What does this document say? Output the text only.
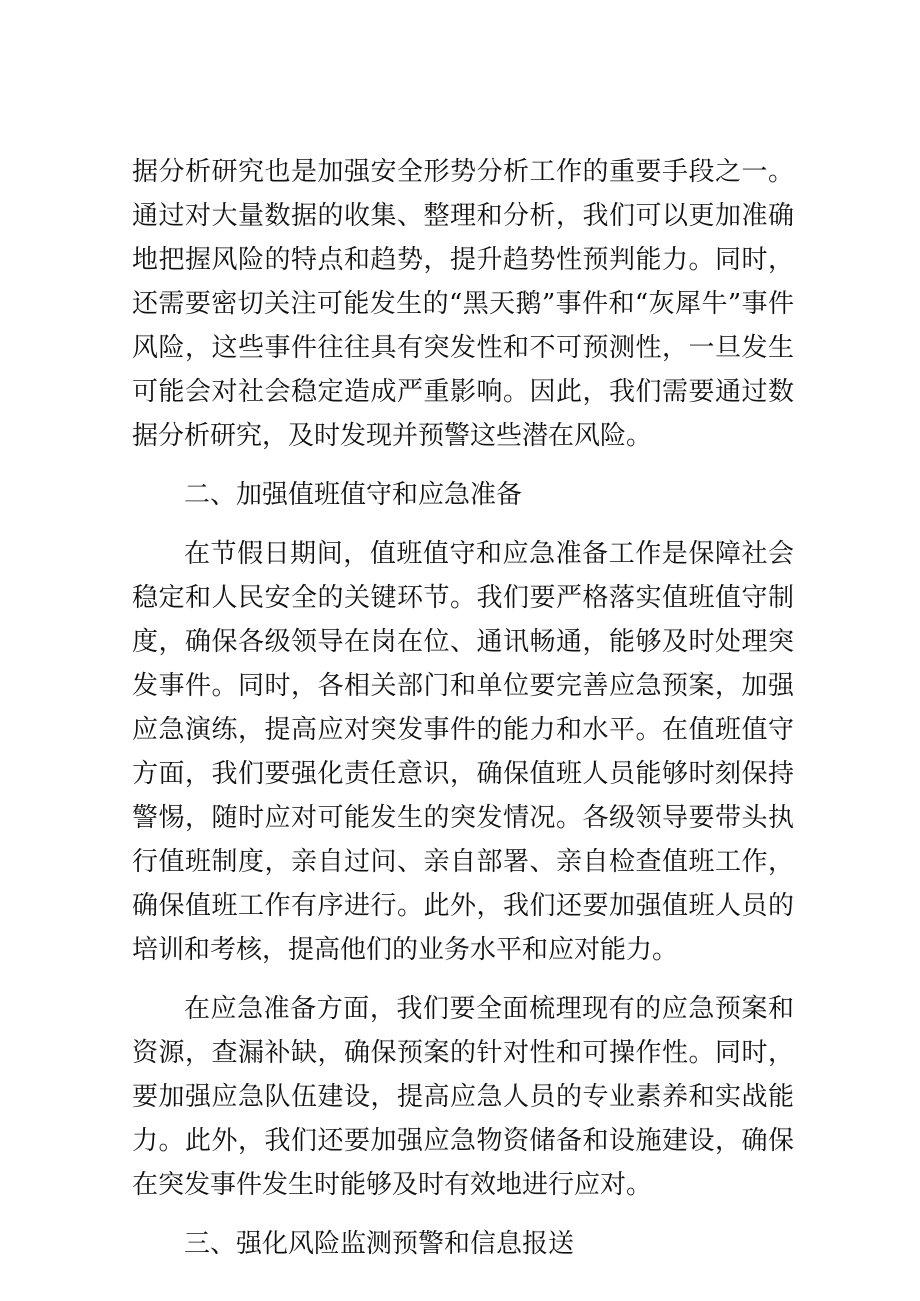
据分析研究也是加强安全形势分析工作的重要手段之一。通过对大量数据的收集、整理和分析，我们可以更加准确地把握风险的特点和趋势，提升趋势性预判能力。同时，还需要密切关注可能发生的“黑天鹅”事件和“灰犀牛”事件风险，这些事件往往具有突发性和不可预测性，一旦发生可能会对社会稳定造成严重影响。因此，我们需要通过数据分析研究，及时发现并预警这些潜在风险。

二、加强值班值守和应急准备

在节假日期间，值班值守和应急准备工作是保障社会稳定和人民安全的关键环节。我们要严格落实值班值守制度，确保各级领导在岗在位、通讯畅通，能够及时处理突发事件。同时，各相关部门和单位要完善应急预案，加强应急演练，提高应对突发事件的能力和水平。在值班值守方面，我们要强化责任意识，确保值班人员能够时刻保持警惕，随时应对可能发生的突发情况。各级领导要带头执行值班制度，亲自过问、亲自部署、亲自检查值班工作，确保值班工作有序进行。此外，我们还要加强值班人员的培训和考核，提高他们的业务水平和应对能力。

在应急准备方面，我们要全面梳理现有的应急预案和资源，查漏补缺，确保预案的针对性和可操作性。同时，要加强应急队伍建设，提高应急人员的专业素养和实战能力。此外，我们还要加强应急物资储备和设施建设，确保在突发事件发生时能够及时有效地进行应对。

三、强化风险监测预警和信息报送
